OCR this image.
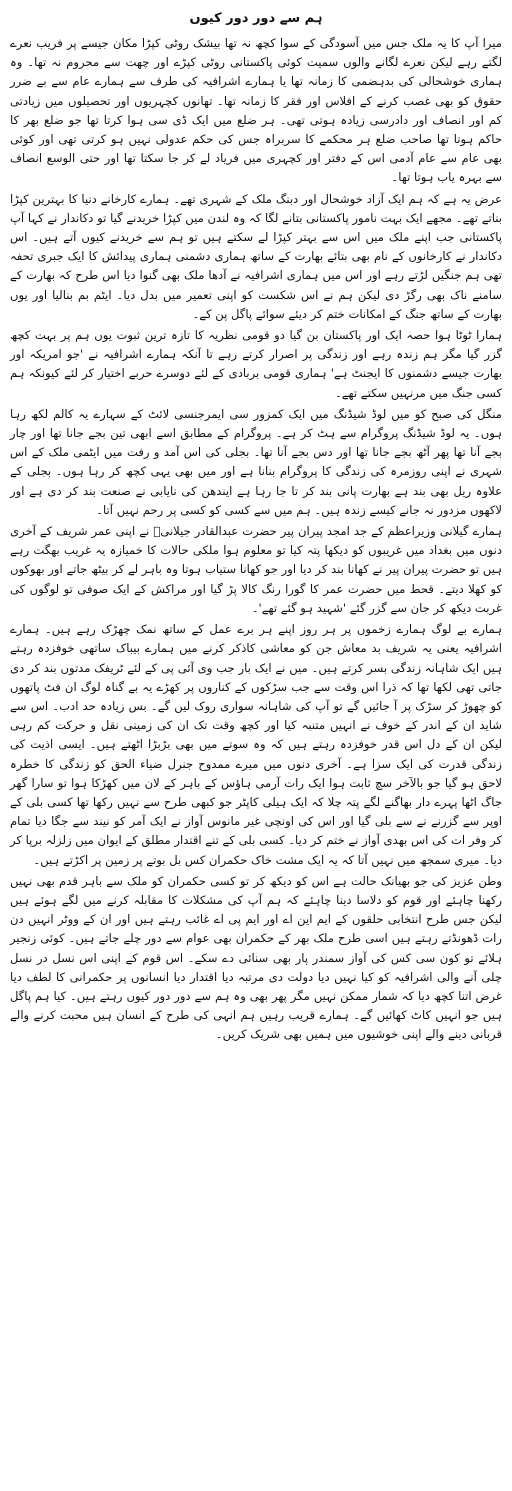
ہم سے دور دور کیوں

میرا آپ کا یہ ملک جس میں آسودگی کے سوا کچھ نہ تھا بیشک روٹی کپڑا مکان جیسے پر فریب نعرے لگتے رہے لیکن نعرے لگانے والوں سمیت کوئی پاکستانی روٹی کپڑے اور چھت سے محروم نہ تھا۔ وہ ہماری خوشحالی کی بدہضمی کا زمانہ تھا یا ہمارے اشرافیہ کی طرف سے ہمارے عام سے بے ضرر حقوق کو بھی غصب کرنے کے افلاس اور فقر کا زمانہ تھا۔ تھانوں کچہریوں اور تحصیلوں میں زیادتی کم اور انصاف اور دادرسی زیادہ ہوتی تھی۔ ہر ضلع میں ایک ڈی سی ہوا کرتا تھا جو ضلع بھر کا حاکم ہوتا تھا صاحب ضلع ہر محکمے کا سربراہ جس کی حکم عدولی نہیں ہو کرتی تھی اور کوئی بھی عام سے عام آدمی اس کے دفتر اور کچہری میں فریاد لے کر جا سکتا تھا اور حتی الوسع انصاف سے بہرہ یاب ہوتا تھا۔

عرض یہ ہے کہ ہم ایک آزاد خوشحال اور دبنگ ملک کے شہری تھے۔ ہمارے کارخانے دنیا کا بہترین کپڑا بناتے تھے۔ مجھے ایک بہت نامور پاکستانی بتانے لگا کہ وہ لندن میں کپڑا خریدنے گیا تو دکاندار نے کہا آپ پاکستانی جب اپنے ملک میں اس سے بہتر کپڑا لے سکتے ہیں تو ہم سے خریدنے کیوں آتے ہیں۔ اس دکاندار نے کارخانوں کے نام بھی بتائے بھارت کے ساتھ ہماری دشمنی ہماری پیدائش کا ایک جبری تحفہ تھی ہم جنگیں لڑتے رہے اور اس میں ہماری اشرافیہ نے آدھا ملک بھی گنوا دیا اس طرح کہ بھارت کے سامنے ناک بھی رگڑ دی لیکن ہم نے اس شکست کو اپنی تعمیر میں بدل دیا۔ ایٹم بم بنالیا اور یوں بھارت کے ساتھ جنگ کے امکانات ختم کر دیئے سوائے پاگل پن کے۔

ہمارا ٹوٹا ہوا حصہ ایک اور پاکستان بن گیا دو قومی نظریہ کا تازہ ترین ثبوت یوں ہم پر بہت کچھ گزر گیا مگر ہم زندہ رہے اور زندگی پر اصرار کرتے رہے تا آنکہ ہمارے اشرافیہ نے 'جو امریکہ اور بھارت جیسے دشمنوں کا ایجنٹ ہے' ہماری قومی بربادی کے لئے دوسرے حربے اختیار کر لئے کیونکہ ہم کسی جنگ میں مرنہیں سکتے تھے۔

منگل کی صبح کو میں لوڈ شیڈنگ میں ایک کمزور سی ایمرجنسی لائٹ کے سہارے یہ کالم لکھ رہا ہوں۔ یہ لوڈ شیڈنگ پروگرام سے ہٹ کر ہے۔ پروگرام کے مطابق اسے ابھی تین بجے جانا تھا اور چار بجے آنا تھا پھر آٹھ بجے جانا تھا اور دس بجے آنا تھا۔ بجلی کی اس آمد و رفت میں ایٹمی ملک کے اس شہری نے اپنی روزمرہ کی زندگی کا پروگرام بنانا ہے اور میں بھی یہی کچھ کر رہا ہوں۔ بجلی کے علاوہ ریل بھی بند ہے بھارت پانی بند کر تا جا رہا ہے ایندھن کی نایابی نے صنعت بند کر دی ہے اور لاکھوں مزدور نہ جانے کیسے زندہ ہیں۔ ہم میں سے کسی کو کسی پر رحم نہیں آتا۔

ہمارے گیلانی وزیراعظم کے جد امجد پیران پیر حضرت عبدالقادر جیلانیؒ نے اپنی عمر شریف کے آخری دنوں میں بغداد میں غریبوں کو دیکھا پتہ کیا تو معلوم ہوا ملکی حالات کا خمیازہ یہ غریب بھگت رہے ہیں تو حضرت پیران پیر نے کھانا بند کر دیا اور جو کھانا ستیاب ہوتا وہ باہر لے کر بیٹھ جاتے اور بھوکوں کو کھلا دیتے۔ قحط میں حضرت عمر کا گورا رنگ کالا پڑ گیا اور مراکش کے ایک صوفی تو لوگوں کی غربت دیکھ کر جان سے گزر گئے 'شہید ہو گئے تھے'۔

ہمارے بے لوگ ہمارے زخموں پر ہر روز اپنے ہر برے عمل کے ساتھ نمک چھڑک رہے ہیں۔ ہمارے اشرافیہ یعنی یہ شریف بد معاش جن کو معاشی کاذکر کرنے میں ہمارے بیباک ساتھی خوفزدہ رہتے ہیں ایک شاہانہ زندگی بسر کرتے ہیں۔ میں نے ایک بار جب وی آئی پی کے لئے ٹریفک مدتوں بند کر دی جاتی تھی لکھا تھا کہ ذرا اس وقت سے جب سڑکوں کے کناروں پر کھڑے یہ بے گناہ لوگ ان فٹ پاتھوں کو چھوڑ کر سڑک پر آ جائیں گے تو آپ کی شاہانہ سواری روک لیں گے۔ بس زیادہ حد ادب۔ اس سے شاید ان کے اندر کے خوف نے انہیں متنبہ کیا اور کچھ وقت تک ان کی زمینی نقل و حرکت کم رہی لیکن ان کے دل اس قدر خوفزدہ رہتے ہیں کہ وہ سوتے میں بھی بڑبڑا اٹھتے ہیں۔ ایسی اذیت کی زندگی قدرت کی ایک سزا ہے۔ آخری دنوں میں میرے ممدوح جنرل ضیاء الحق کو زندگی کا خطرہ لاحق ہو گیا جو بالآخر سچ ثابت ہوا ایک رات آرمی ہاؤس کے باہر کے لان میں کھڑکا ہوا تو سارا گھر جاگ اٹھا پہرے دار بھاگنے لگے پتہ چلا کہ ایک ہیلی کاپٹر جو کبھی طرح سے نہیں رکھا تھا کسی بلی کے اوپر سے گزرنے نے سے بلی گیا اور اس کی اونچی غیر مانوس آواز نے ایک آمر کو نیند سے جگا دیا تمام کر وفر ات کی اس بھدی آواز نے ختم کر دیا۔ کسی بلی کے تنے اقتدار مطلق کے ایوان میں زلزلہ برپا کر دیا۔ میری سمجھ میں نہیں آتا کہ یہ ایک مشت خاک حکمران کس بل بوتے پر زمین پر اکڑتے ہیں۔

وطن عزیز کی جو بھیانک حالت ہے اس کو دیکھ کر تو کسی حکمران کو ملک سے باہر قدم بھی نہیں رکھنا چاہئے اور قوم کو دلاسا دینا چاہئے کہ ہم آپ کی مشکلات کا مقابلہ کرنے میں لگے ہوئے ہیں لیکن جس طرح انتخابی حلقوں کے ایم این اے اور ایم پی اے غائب رہتے ہیں اور ان کے ووٹر انہیں دن رات ڈھونڈتے رہتے ہیں اسی طرح ملک بھر کے حکمران بھی عوام سے دور چلے جاتے ہیں۔ کوئی زنجیر ہلائے تو کون سی کس کی آواز سمندر پار بھی سنائی دے سکے۔ اس قوم کے اپنی اس نسل در نسل چلی آنے والی اشرافیہ کو کیا نہیں دیا دولت دی مرتبہ دیا اقتدار دیا انسانوں پر حکمرانی کا لطف دیا غرض اتنا کچھ دیا کہ شمار ممکن نہیں مگر پھر بھی وہ ہم سے دور دور کیوں رہتے ہیں۔ کیا ہم پاگل ہیں جو انہیں کاٹ کھائیں گے۔ ہمارے قریب رہیں ہم انہی کی طرح کے انسان ہیں محبت کرنے والے قربانی دینے والے اپنی خوشیوں میں ہمیں بھی شریک کریں۔
